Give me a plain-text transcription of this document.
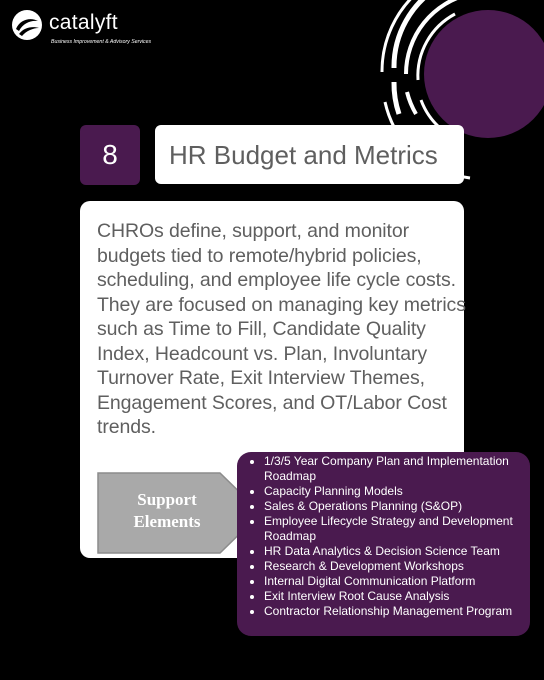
catalyft
Business Improvement & Advisory Services
8 HR Budget and Metrics
CHROs define, support, and monitor budgets tied to remote/hybrid policies, scheduling, and employee life cycle costs. They are focused on managing key metrics such as Time to Fill, Candidate Quality Index, Headcount vs. Plan, Involuntary Turnover Rate, Exit Interview Themes, Engagement Scores, and OT/Labor Cost trends.
Support Elements
• 1/3/5 Year Company Plan and Implementation Roadmap
• Capacity Planning Models
• Sales & Operations Planning (S&OP)
• Employee Lifecycle Strategy and Development Roadmap
• HR Data Analytics & Decision Science Team
• Research & Development Workshops
• Internal Digital Communication Platform
• Exit Interview Root Cause Analysis
• Contractor Relationship Management Program
